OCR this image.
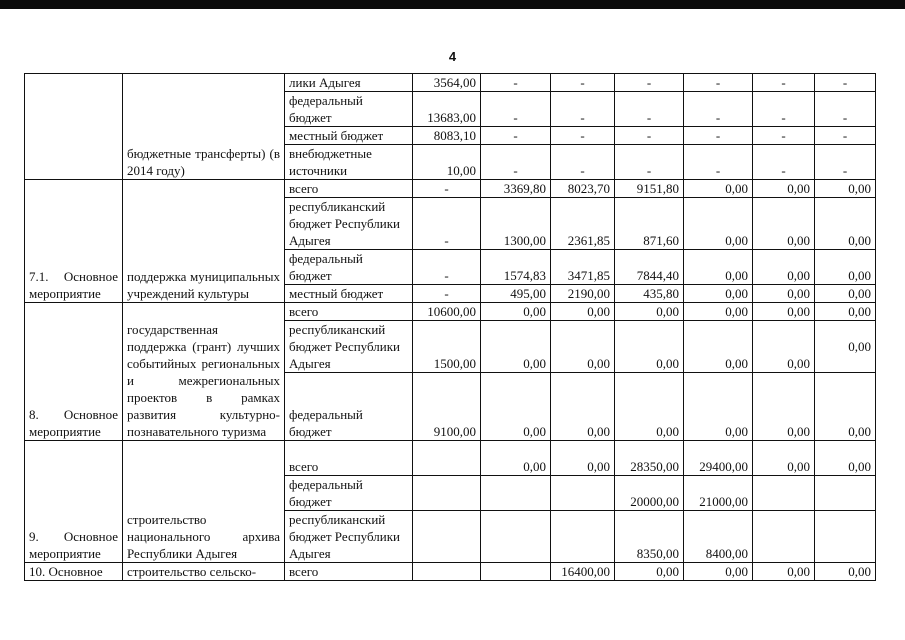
4
	бюджетные трансферты) (в 2014 году)	лики Адыгея	3564,00	-	-	-	-	-	-
		федеральный бюджет	13683,00	-	-	-	-	-	-
		местный бюджет	8083,10	-	-	-	-	-	-
		внебюджетные источники	10,00	-	-	-	-	-	-
7.1. Основное мероприятие	поддержка муниципальных учреждений культуры	всего	-	3369,80	8023,70	9151,80	0,00	0,00	0,00
		республиканский бюджет Республики Адыгея	-	1300,00	2361,85	871,60	0,00	0,00	0,00
		федеральный бюджет	-	1574,83	3471,85	7844,40	0,00	0,00	0,00
		местный бюджет	-	495,00	2190,00	435,80	0,00	0,00	0,00
8. Основное мероприятие	государственная поддержка (грант) лучших событийных региональных и межрегиональных проектов в рамках развития культурно-познавательного туризма	всего	10600,00	0,00	0,00	0,00	0,00	0,00	0,00
		республиканский бюджет Республики Адыгея	1500,00	0,00	0,00	0,00	0,00	0,00	0,00
		федеральный бюджет	9100,00	0,00	0,00	0,00	0,00	0,00	0,00
9. Основное мероприятие	строительство национального архива Республики Адыгея	всего		0,00	0,00	28350,00	29400,00	0,00	0,00
		федеральный бюджет				20000,00	21000,00		
		республиканский бюджет Республики Адыгея				8350,00	8400,00		
10. Основное	строительство сельско-	всего			16400,00	0,00	0,00	0,00	0,00
